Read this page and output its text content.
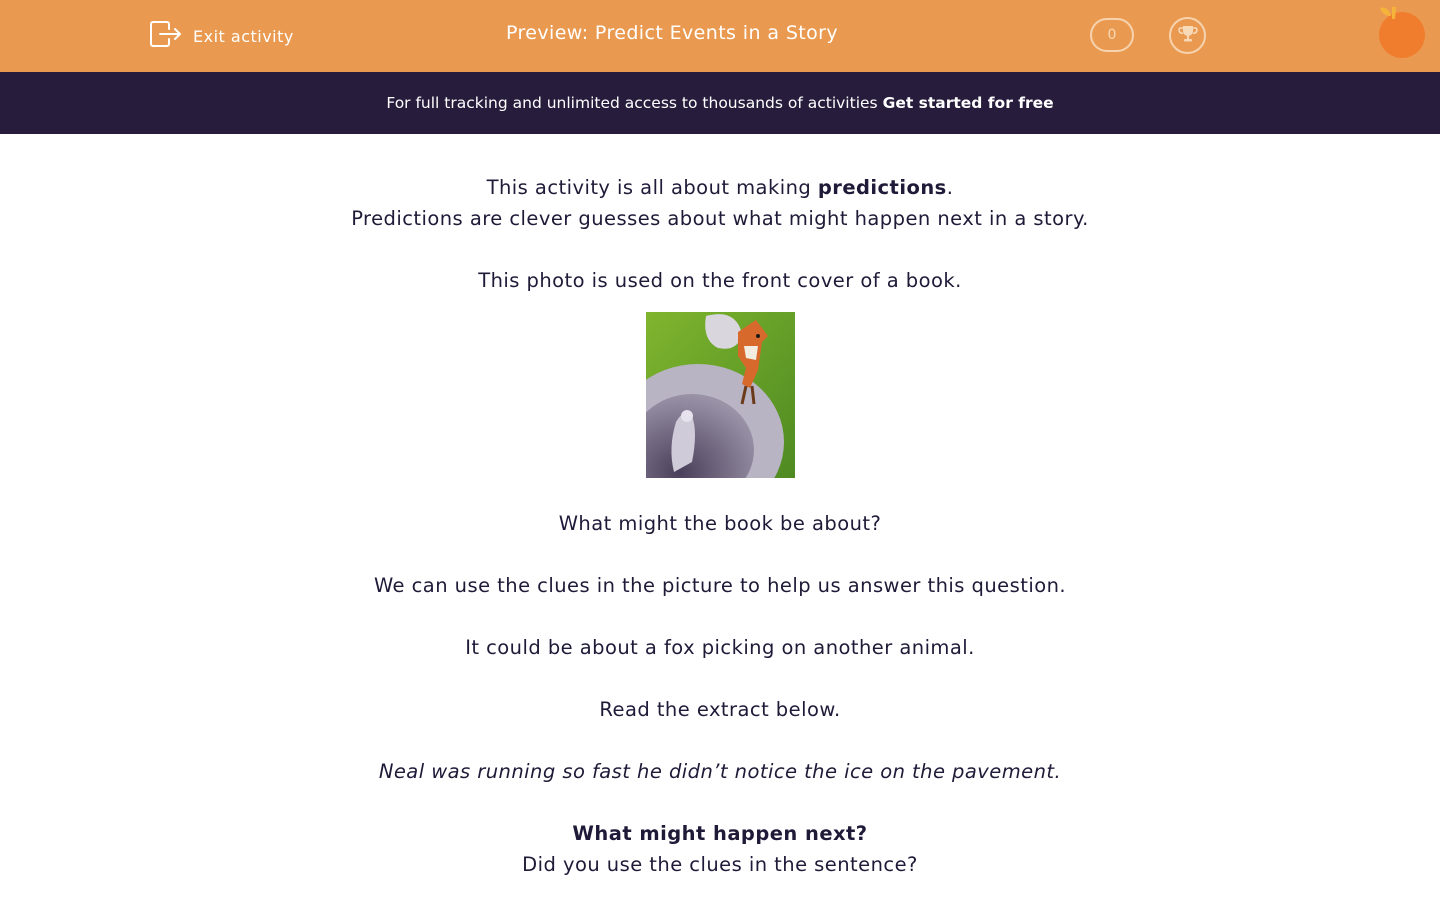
Exit activity	Preview: Predict Events in a Story	0
For full tracking and unlimited access to thousands of activities Get started for free

This activity is all about making predictions.

Predictions are clever guesses about what might happen next in a story.

This photo is used on the front cover of a book.

What might the book be about?

We can use the clues in the picture to help us answer this question.

It could be about a fox picking on another animal.

Read the extract below.

Neal was running so fast he didn’t notice the ice on the pavement.

What might happen next?

Did you use the clues in the sentence?
